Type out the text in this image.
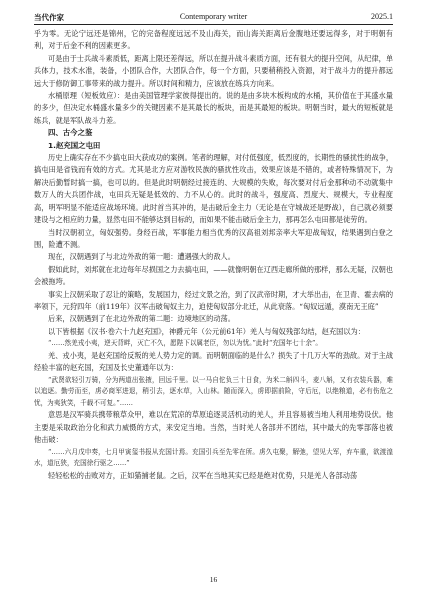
当代作家	Contemporary writer	2025.1

乎为零。无论宁远还是锦州，它的完备程度远远不及山海关，而山海关距离后金腹地还要远得多，对于明朝有利，对于后金不利的因素更多。

可是由于士兵战斗素质低，距离上限还差得远，所以在提升战斗素质方面，还有很大的提升空间，从纪律，单兵体力，技术水准，装备，小团队合作，大团队合作，每一个方面，只要稍稍投入资源，对于战斗力的提升都远远大于修防御工事带来的战力提升。所以时间和精力，应该放在练兵方向来。

水桶原理（短板效应）：是由美国管理学家彼得提出的。说的是由多块木板构成的水桶，其价值在于其盛水量的多少，但决定水桶盛水量多少的关键因素不是其最长的板块，而是其最短的板块。明朝当时，最大的短板就是练兵，就是军队战斗力差。

四、古今之鉴
1.赵充国之屯田

历史上确实存在不少搞屯田大获成功的案例。笔者的理解，对付低强度，低烈度的，长期性的骚扰性的战争，搞屯田是省钱而有效的方式。尤其是北方应对游牧民族的骚扰性攻击，效果应该是不错的，或者特殊情况下，为解决后勤暂时搞一搞，也可以的。但是此时明朝经过接连的、大规模的失败，每次要对付后金那种动不动就集中数万人的大兵团作战，屯田兵无疑是低效的、力不从心的。此时的战斗，强度高、烈度大、规模大，专业程度高，明军明显不能适应战场环境。此时首当其冲的，是击破后金主力（无论是在守城战还是野战），自己就必须要建设与之相应的力量，显然屯田不能够达到目标的，而如果不能击破后金主力，那再怎么屯田都是徒劳的。

当时汉朝初立，匈奴强势。身经百战，军事能力相当优秀的汉高祖刘邦亲率大军迎战匈奴，结果遇到白登之围，险遭不测。

现在，汉朝遇到了与北边外敌的第一题：遭遇强大的敌人。

假如此时，刘邦就在北边每年尽损国之力去搞屯田，——就像明朝在辽西走廊所做的那样，那么无疑，汉朝也会被拖垮。

事实上汉朝采取了忍让的策略，发展国力，经过文景之治，到了汉武帝时期，才大举出击，在卫青、霍去病的率领下，元狩四年（前119年）汉军击破匈奴主力，迫使匈奴部分北迁，从此衰落。“匈奴远遁，漠南无王庭”

后来，汉朝遇到了在北边外敌的第二题：边境地区的动荡。

以下皆根据《汉书·卷六十九赵充国》，神爵元年（公元前61年）羌人与匈奴残部勾结，赵充国以为：

“……然羌戎小夷，逆天背畔，灭亡不久，愿陛下以属老臣，勿以为忧。”此时“充国年七十余”。

羌、戎小夷，是赵充国给反叛的羌人势力定的调。而明朝面临的是什么？损失了十几万大军的劲敌。对于主战经验丰富的赵充国，充国及长史董通年以为：

“武贤欲轻引万骑，分为两道出张掖，回远千里。以一马自佗负三十日食，为米二斛四斗，麦八斛，又有衣装兵器，难以追逐。勤劳而至，虏必商军进退，稍引去，逐水草，入山林。随而深入，虏即据前险，守后厄，以绝粮道，必有伤危之忧，为夷狄笑，千载不可复。”……

意思是汉军骑兵携带粮草众甲，难以在荒凉的草原追逐灵活机动的羌人，并且容易被当地人利用地势设伏。他主要是采取政治分化和武力威慑的方式，来安定当地。当然，当时羌人各部并不团结，其中最大的先零部落也被他击破：

“……六月戊申奏，七月甲寅玺书报从充国计焉。充国引兵至先零在所。虏久屯聚，解弛，望见大军，弃车重，欲渡湟水，道厄狭，充国徐行驱之……”

轻轻松松的击败对方，正如猫捕老鼠。之后，汉军在当地其实已经是绝对优势，只是羌人各部动荡

16
